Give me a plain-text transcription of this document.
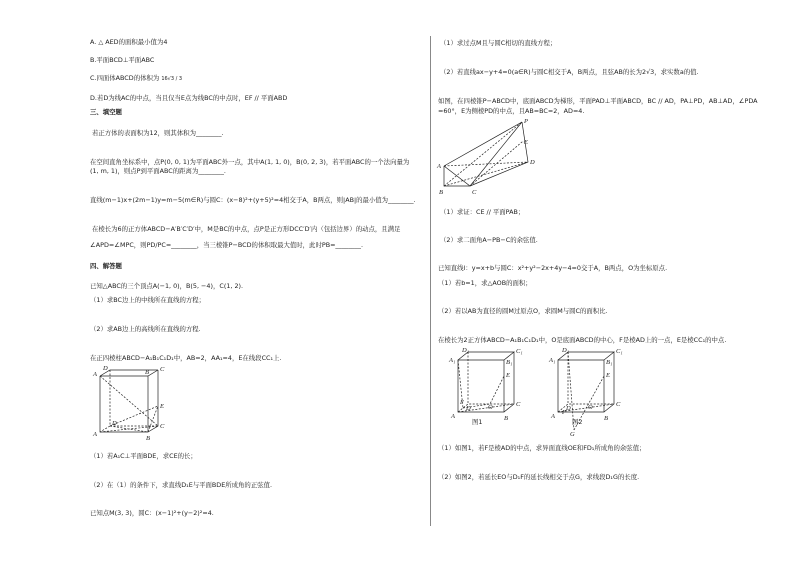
A. △ AED的面积最小值为4
B.平面BCD⊥平面ABC
C.四面体ABCD的体积为 16√3 / 3
D.若D为线AC的中点，当且仅当E点为线BC的中点时，EF // 平面ABD
三、填空题
若正方体的表面积为12，则其体积为________.
在空间直角坐标系中，点P(0, 0, 1)为平面ABC外一点，其中A(1, 1, 0)，B(0, 2, 3)，若平面ABC的一个法向量为
(1, m, 1)，则点P到平面ABC的距离为________.
直线(m−1)x+(2m−1)y=m−5(m∈R)与圆C：(x−8)²+(y+5)²=4相交于A，B两点，则|AB|的最小值为________.
在棱长为6的正方体ABCD−A′B′C′D′中，M是BC的中点，点P是正方形DCC′D′内（包括边界）的动点，且满足
∠APD=∠MPC，则PD/PC=________，当三棱锥P−BCD的体积取最大值时，此时PB=________.
四、解答题
已知△ABC的三个顶点A(−1, 0)，B(5, −4)，C(1, 2).
（1）求BC边上的中线所在直线的方程；
（2）求AB边上的高线所在直线的方程.
在正四棱柱ABCD−A₁B₁C₁D₁中，AB=2，AA₁=4，E在线段CC₁上.
A	B C
D
E
A
B
C
D
（1）若A₁C⊥平面BDE，求CE的长；
（2）在（1）的条件下，求直线D₁E与平面BDE所成角的正弦值.
已知点M(3, 3)，圆C：(x−1)²+(y−2)²=4.
（1）求过点M且与圆C相切的直线方程；
（2）若直线ax−y+4=0(a∈R)与圆C相交于A，B两点，且弦AB的长为2√3，求实数a的值.
如图，在四棱锥P−ABCD中，底面ABCD为梯形，平面PAD⊥平面ABCD，BC // AD，PA⊥PD，AB⊥AD，∠PDA
=60°，E为侧棱PD的中点，且AB=BC=2，AD=4.
P
E
D
A
B	C
（1）求证：CE // 平面PAB；
（2）求二面角A−PB−C的余弦值.
已知直线l：y=x+b与圆C：x²+y²−2x+4y−4=0交于A，B两点，O为坐标原点.
（1）若b=1，求△AOB的面积；
（2）若以AB为直径的圆M过原点O，求圆M与圆C的面积比.
在棱长为2正方体ABCD−A₁B₁C₁D₁中，O是底面ABCD的中心，F是棱AD上的一点，E是棱CC₁的中点.
D₁	C₁
A₁	B₁
E
F
O	C
A	B
D
图1
D₁	C₁
A₁	B₁
E
F
O	C
A	B
D
G
图2
（1）如图1，若F是棱AD的中点，求异面直线OE和FD₁所成角的余弦值；
（2）如图2，若延长EO与D₁F的延长线相交于点G，求线段D₁G的长度.
